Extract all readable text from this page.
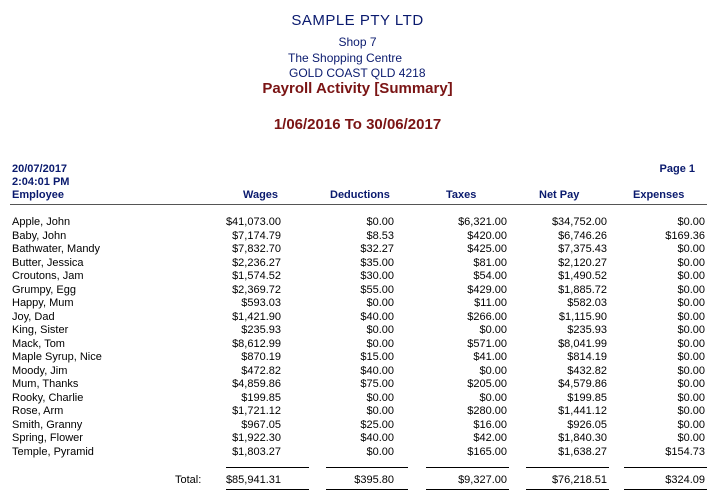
SAMPLE PTY LTD
Shop 7
The Shopping Centre
GOLD COAST QLD 4218
Payroll Activity [Summary]
1/06/2016 To 30/06/2017
20/07/2017
2:04:01 PM
Page 1
Employee	Wages	Deductions	Taxes	Net Pay	Expenses
Apple, John	$41,073.00	$0.00	$6,321.00	$34,752.00	$0.00
Baby, John	$7,174.79	$8.53	$420.00	$6,746.26	$169.36
Bathwater, Mandy	$7,832.70	$32.27	$425.00	$7,375.43	$0.00
Butter, Jessica	$2,236.27	$35.00	$81.00	$2,120.27	$0.00
Croutons, Jam	$1,574.52	$30.00	$54.00	$1,490.52	$0.00
Grumpy, Egg	$2,369.72	$55.00	$429.00	$1,885.72	$0.00
Happy, Mum	$593.03	$0.00	$11.00	$582.03	$0.00
Joy, Dad	$1,421.90	$40.00	$266.00	$1,115.90	$0.00
King, Sister	$235.93	$0.00	$0.00	$235.93	$0.00
Mack, Tom	$8,612.99	$0.00	$571.00	$8,041.99	$0.00
Maple Syrup, Nice	$870.19	$15.00	$41.00	$814.19	$0.00
Moody, Jim	$472.82	$40.00	$0.00	$432.82	$0.00
Mum, Thanks	$4,859.86	$75.00	$205.00	$4,579.86	$0.00
Rooky, Charlie	$199.85	$0.00	$0.00	$199.85	$0.00
Rose, Arm	$1,721.12	$0.00	$280.00	$1,441.12	$0.00
Smith, Granny	$967.05	$25.00	$16.00	$926.05	$0.00
Spring, Flower	$1,922.30	$40.00	$42.00	$1,840.30	$0.00
Temple, Pyramid	$1,803.27	$0.00	$165.00	$1,638.27	$154.73
Total: $85,941.31	$395.80	$9,327.00	$76,218.51	$324.09
